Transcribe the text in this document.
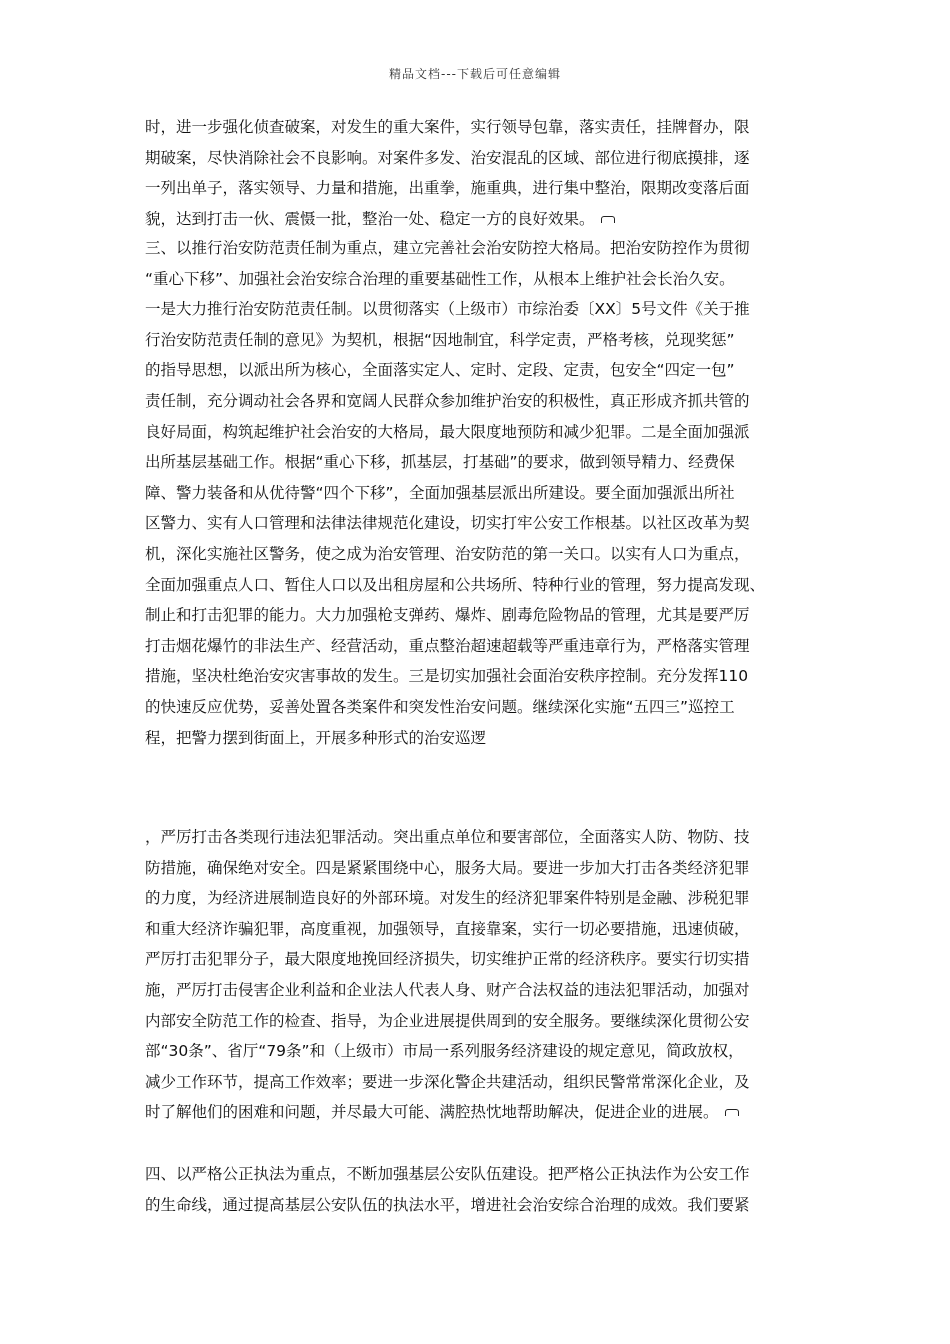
精品文档---下载后可任意编辑
时，进一步强化侦查破案，对发生的重大案件，实行领导包靠，落实责任，挂牌督办，限
期破案，尽快消除社会不良影响。对案件多发、治安混乱的区域、部位进行彻底摸排，逐
一列出单子，落实领导、力量和措施，出重拳，施重典，进行集中整治，限期改变落后面
貌，达到打击一伙、震慑一批，整治一处、稳定一方的良好效果。
三、以推行治安防范责任制为重点，建立完善社会治安防控大格局。把治安防控作为贯彻
“重心下移”、加强社会治安综合治理的重要基础性工作，从根本上维护社会长治久安。
一是大力推行治安防范责任制。以贯彻落实（上级市）市综治委〔XX〕5号文件《关于推
行治安防范责任制的意见》为契机，根据“因地制宜，科学定责，严格考核，兑现奖惩”
的指导思想，以派出所为核心，全面落实定人、定时、定段、定责，包安全“四定一包”
责任制，充分调动社会各界和宽阔人民群众参加维护治安的积极性，真正形成齐抓共管的
良好局面，构筑起维护社会治安的大格局，最大限度地预防和减少犯罪。二是全面加强派
出所基层基础工作。根据“重心下移，抓基层，打基础”的要求，做到领导精力、经费保
障、警力装备和从优待警“四个下移”，全面加强基层派出所建设。要全面加强派出所社
区警力、实有人口管理和法律法律规范化建设，切实打牢公安工作根基。以社区改革为契
机，深化实施社区警务，使之成为治安管理、治安防范的第一关口。以实有人口为重点，
全面加强重点人口、暂住人口以及出租房屋和公共场所、特种行业的管理，努力提高发现、
制止和打击犯罪的能力。大力加强枪支弹药、爆炸、剧毒危险物品的管理，尤其是要严厉
打击烟花爆竹的非法生产、经营活动，重点整治超速超载等严重违章行为，严格落实管理
措施，坚决杜绝治安灾害事故的发生。三是切实加强社会面治安秩序控制。充分发挥110
的快速反应优势，妥善处置各类案件和突发性治安问题。继续深化实施“五四三”巡控工
程，把警力摆到街面上，开展多种形式的治安巡逻
，严厉打击各类现行违法犯罪活动。突出重点单位和要害部位，全面落实人防、物防、技
防措施，确保绝对安全。四是紧紧围绕中心，服务大局。要进一步加大打击各类经济犯罪
的力度，为经济进展制造良好的外部环境。对发生的经济犯罪案件特别是金融、涉税犯罪
和重大经济诈骗犯罪，高度重视，加强领导，直接靠案，实行一切必要措施，迅速侦破，
严厉打击犯罪分子，最大限度地挽回经济损失，切实维护正常的经济秩序。要实行切实措
施，严厉打击侵害企业利益和企业法人代表人身、财产合法权益的违法犯罪活动，加强对
内部安全防范工作的检查、指导，为企业进展提供周到的安全服务。要继续深化贯彻公安
部“30条”、省厅“79条”和（上级市）市局一系列服务经济建设的规定意见，简政放权，
减少工作环节，提高工作效率；要进一步深化警企共建活动，组织民警常常深化企业，及
时了解他们的困难和问题，并尽最大可能、满腔热忱地帮助解决，促进企业的进展。
四、以严格公正执法为重点，不断加强基层公安队伍建设。把严格公正执法作为公安工作
的生命线，通过提高基层公安队伍的执法水平，增进社会治安综合治理的成效。我们要紧
